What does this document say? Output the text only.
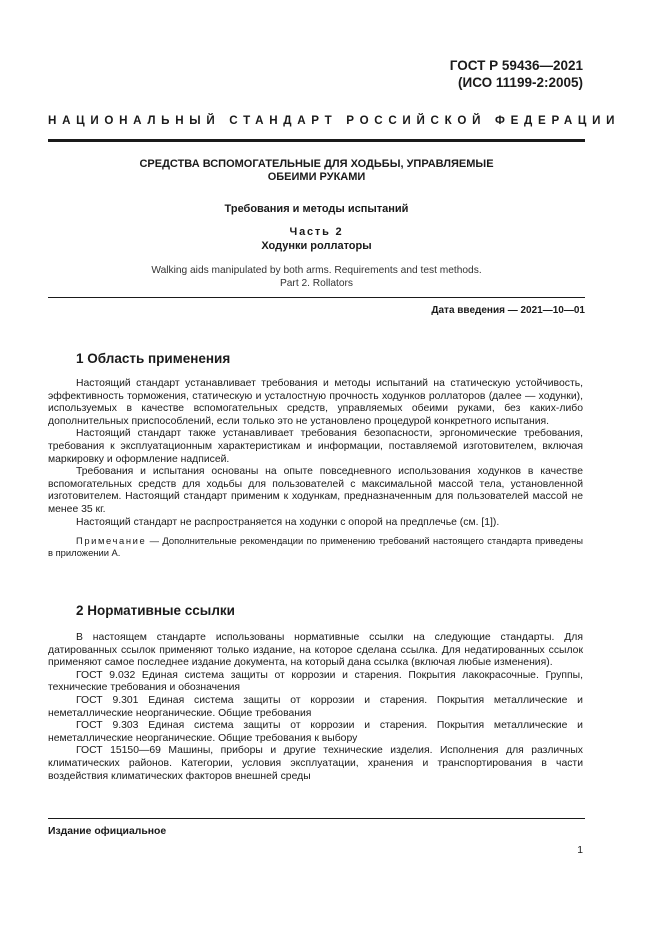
ГОСТ Р 59436—2021
(ИСО 11199-2:2005)
НАЦИОНАЛЬНЫЙ СТАНДАРТ РОССИЙСКОЙ ФЕДЕРАЦИИ
СРЕДСТВА ВСПОМОГАТЕЛЬНЫЕ ДЛЯ ХОДЬБЫ, УПРАВЛЯЕМЫЕ
ОБЕИМИ РУКАМИ
Требования и методы испытаний
Часть 2
Ходунки роллаторы
Walking aids manipulated by both arms. Requirements and test methods.
Part 2. Rollators
Дата введения — 2021—10—01
1 Область применения

Настоящий стандарт устанавливает требования и методы испытаний на статическую устойчивость, эффективность торможения, статическую и усталостную прочность ходунков роллаторов (далее — ходунки), используемых в качестве вспомогательных средств, управляемых обеими руками, без каких-либо дополнительных приспособлений, если только это не установлено процедурой конкретного испытания.

Настоящий стандарт также устанавливает требования безопасности, эргономические требования, требования к эксплуатационным характеристикам и информации, поставляемой изготовителем, включая маркировку и оформление надписей.

Требования и испытания основаны на опыте повседневного использования ходунков в качестве вспомогательных средств для ходьбы для пользователей с максимальной массой тела, установленной изготовителем. Настоящий стандарт применим к ходункам, предназначенным для пользователей массой не менее 35 кг.

Настоящий стандарт не распространяется на ходунки с опорой на предплечье (см. [1]).

Примечание — Дополнительные рекомендации по применению требований настоящего стандарта приведены в приложении А.

2 Нормативные ссылки

В настоящем стандарте использованы нормативные ссылки на следующие стандарты. Для датированных ссылок применяют только издание, на которое сделана ссылка. Для недатированных ссылок применяют самое последнее издание документа, на который дана ссылка (включая любые изменения).

ГОСТ 9.032 Единая система защиты от коррозии и старения. Покрытия лакокрасочные. Группы, технические требования и обозначения

ГОСТ 9.301 Единая система защиты от коррозии и старения. Покрытия металлические и неметаллические неорганические. Общие требования

ГОСТ 9.303 Единая система защиты от коррозии и старения. Покрытия металлические и неметаллические неорганические. Общие требования к выбору

ГОСТ 15150—69 Машины, приборы и другие технические изделия. Исполнения для различных климатических районов. Категории, условия эксплуатации, хранения и транспортирования в части воздействия климатических факторов внешней среды

Издание официальное
1
